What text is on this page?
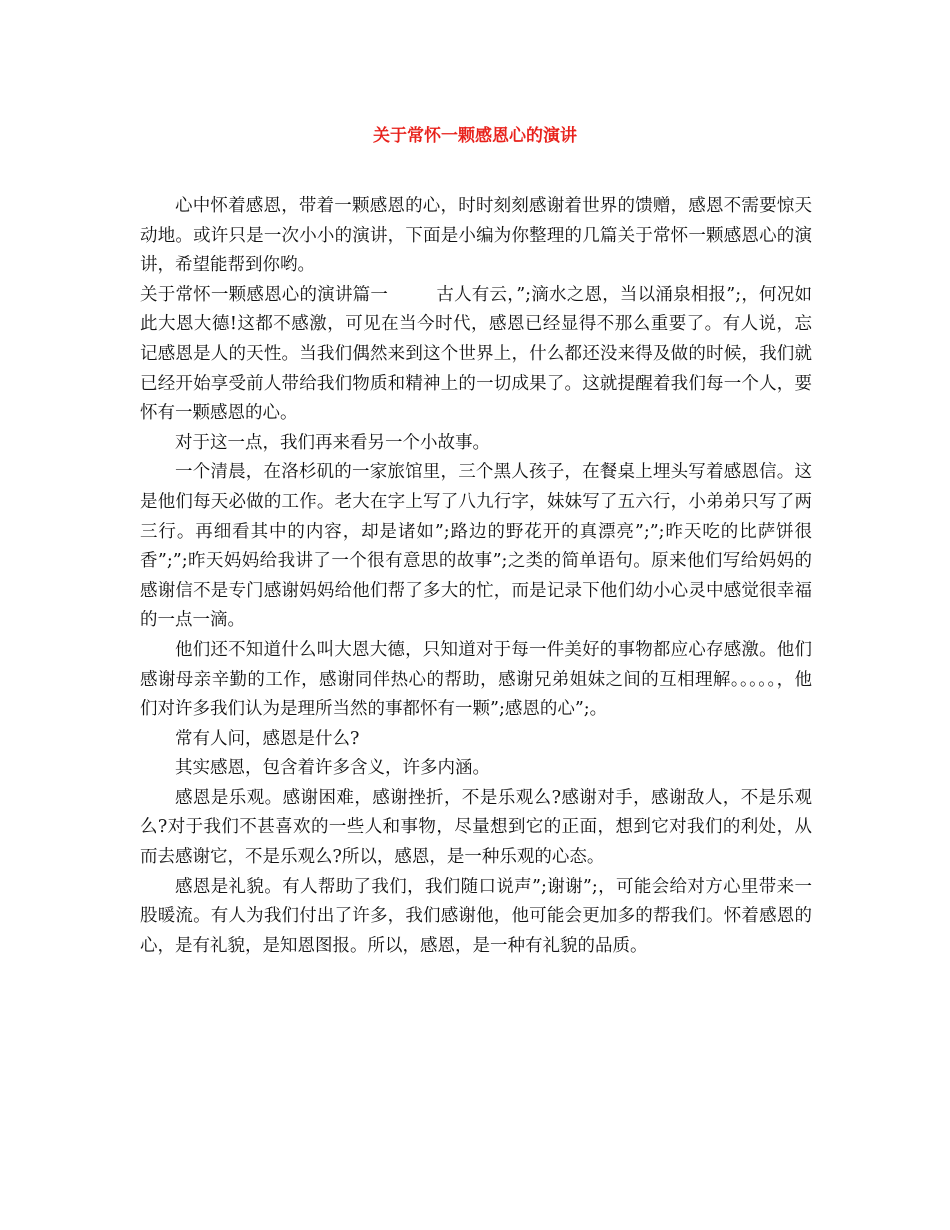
关于常怀一颗感恩心的演讲

心中怀着感恩，带着一颗感恩的心，时时刻刻感谢着世界的馈赠，感恩不需要惊天动地。或许只是一次小小的演讲，下面是小编为你整理的几篇关于常怀一颗感恩心的演讲，希望能帮到你哟。

关于常怀一颗感恩心的演讲篇一	古人有云，”;滴水之恩，当以涌泉相报”;，何况如此大恩大德!这都不感激，可见在当今时代，感恩已经显得不那么重要了。有人说，忘记感恩是人的天性。当我们偶然来到这个世界上，什么都还没来得及做的时候，我们就已经开始享受前人带给我们物质和精神上的一切成果了。这就提醒着我们每一个人，要怀有一颗感恩的心。

对于这一点，我们再来看另一个小故事。

一个清晨，在洛杉矶的一家旅馆里，三个黑人孩子，在餐桌上埋头写着感恩信。这是他们每天必做的工作。老大在字上写了八九行字，妹妹写了五六行，小弟弟只写了两三行。再细看其中的内容，却是诸如”;路边的野花开的真漂亮”;”;昨天吃的比萨饼很香”;”;昨天妈妈给我讲了一个很有意思的故事”;之类的简单语句。原来他们写给妈妈的感谢信不是专门感谢妈妈给他们帮了多大的忙，而是记录下他们幼小心灵中感觉很幸福的一点一滴。

他们还不知道什么叫大恩大德，只知道对于每一件美好的事物都应心存感激。他们感谢母亲辛勤的工作，感谢同伴热心的帮助，感谢兄弟姐妹之间的互相理解。。。。。，他们对许多我们认为是理所当然的事都怀有一颗”;感恩的心”;。

常有人问，感恩是什么?

其实感恩，包含着许多含义，许多内涵。

感恩是乐观。感谢困难，感谢挫折，不是乐观么?感谢对手，感谢敌人，不是乐观么?对于我们不甚喜欢的一些人和事物，尽量想到它的正面，想到它对我们的利处，从而去感谢它，不是乐观么?所以，感恩，是一种乐观的心态。

感恩是礼貌。有人帮助了我们，我们随口说声”;谢谢”;，可能会给对方心里带来一股暖流。有人为我们付出了许多，我们感谢他，他可能会更加多的帮我们。怀着感恩的心，是有礼貌，是知恩图报。所以，感恩，是一种有礼貌的品质。
